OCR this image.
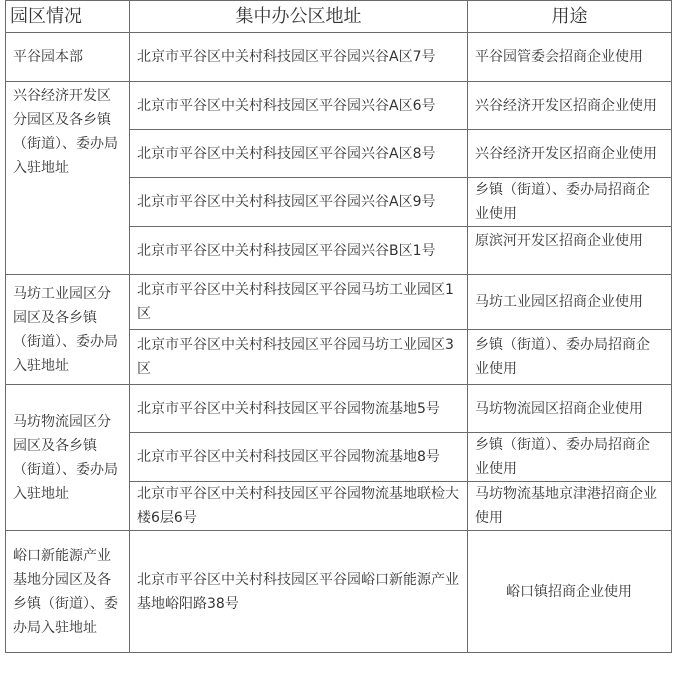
园区情况	集中办公区地址	用途
平谷园本部	北京市平谷区中关村科技园区平谷园兴谷A区7号	平谷园管委会招商企业使用
兴谷经济开发区分园区及各乡镇（街道）、委办局入驻地址	北京市平谷区中关村科技园区平谷园兴谷A区6号	兴谷经济开发区招商企业使用
	北京市平谷区中关村科技园区平谷园兴谷A区8号	兴谷经济开发区招商企业使用
	北京市平谷区中关村科技园区平谷园兴谷A区9号	乡镇（街道）、委办局招商企业使用
	北京市平谷区中关村科技园区平谷园兴谷B区1号	原滨河开发区招商企业使用
马坊工业园区分园区及各乡镇（街道）、委办局入驻地址	北京市平谷区中关村科技园区平谷园马坊工业园区1区	马坊工业园区招商企业使用
	北京市平谷区中关村科技园区平谷园马坊工业园区3区	乡镇（街道）、委办局招商企业使用
马坊物流园区分园区及各乡镇（街道）、委办局入驻地址	北京市平谷区中关村科技园区平谷园物流基地5号	马坊物流园区招商企业使用
	北京市平谷区中关村科技园区平谷园物流基地8号	乡镇（街道）、委办局招商企业使用
	北京市平谷区中关村科技园区平谷园物流基地联检大楼6层6号	马坊物流基地京津港招商企业使用
峪口新能源产业基地分园区及各乡镇（街道）、委办局入驻地址	北京市平谷区中关村科技园区平谷园峪口新能源产业基地峪阳路38号	峪口镇招商企业使用
